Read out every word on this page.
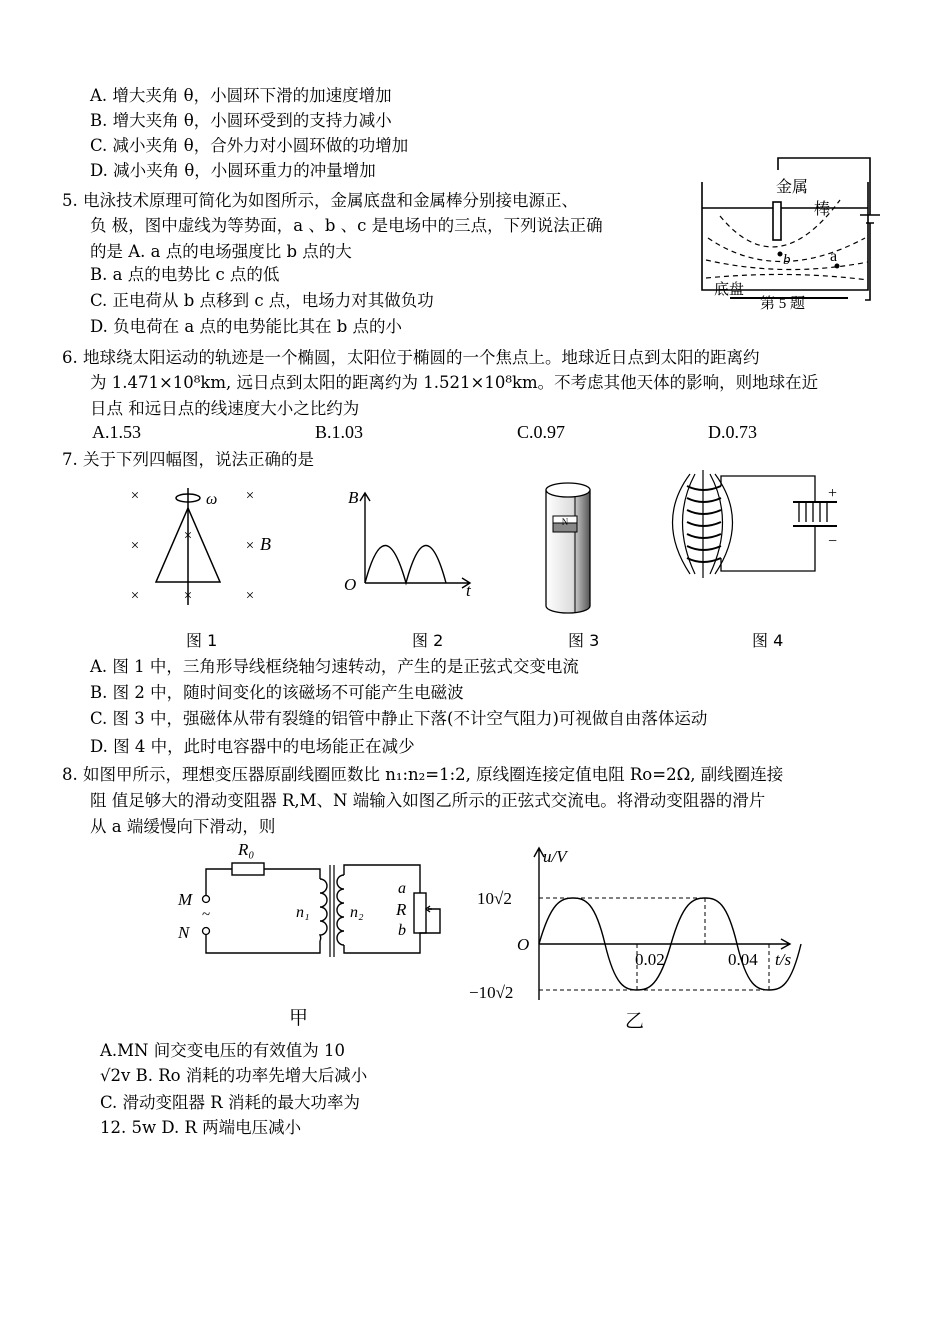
A. 增大夹角 θ，小圆环下滑的加速度增加
B. 增大夹角 θ，小圆环受到的支持力减小
C. 减小夹角 θ，合外力对小圆环做的功增加
D. 减小夹角 θ，小圆环重力的冲量增加
5. 电泳技术原理可简化为如图所示，金属底盘和金属棒分别接电源正、
负 极，图中虚线为等势面，a 、b 、c 是电场中的三点，下列说法正确
的是 A. a 点的电场强度比 b 点的大
B. a 点的电势比 c 点的低
C. 正电荷从 b 点移到 c 点，电场力对其做负功
D. 负电荷在 a 点的电势能比其在 b 点的小
金属
棒
b a
底盘
第 5 题
6. 地球绕太阳运动的轨迹是一个椭圆，太阳位于椭圆的一个焦点上。地球近日点到太阳的距离约
为 1.471×10⁸km, 远日点到太阳的距离约为 1.521×10⁸km。不考虑其他天体的影响，则地球在近
日点 和远日点的线速度大小之比约为
A.1.53	B.1.03	C.0.97	D.0.73
7. 关于下列四幅图，说法正确的是
×	×
×	×
×	×
×
×
ω
B
B
O	t
N
+
−
图 1	图 2	图 3	图 4
A. 图 1 中，三角形导线框绕轴匀速转动，产生的是正弦式交变电流
B. 图 2 中，随时间变化的该磁场不可能产生电磁波
C. 图 3 中，强磁体从带有裂缝的铝管中静止下落(不计空气阻力)可视做自由落体运动
D. 图 4 中，此时电容器中的电场能正在减少
8. 如图甲所示，理想变压器原副线圈匝数比 n₁:n₂=1:2, 原线圈连接定值电阻 Ro=2Ω, 副线圈连接
阻 值足够大的滑动变阻器 R,M、N 端输入如图乙所示的正弦式交流电。将滑动变阻器的滑片
从 a 端缓慢向下滑动，则
R₀
M
~
N
n₁	n₂
a
R
b
甲
u/V
10√2
−10√2
O
0.02	0.04 t/s
乙
A.MN 间交变电压的有效值为 10
√2v B. Ro 消耗的功率先增大后减小
C. 滑动变阻器 R 消耗的最大功率为
12. 5w D. R 两端电压减小
